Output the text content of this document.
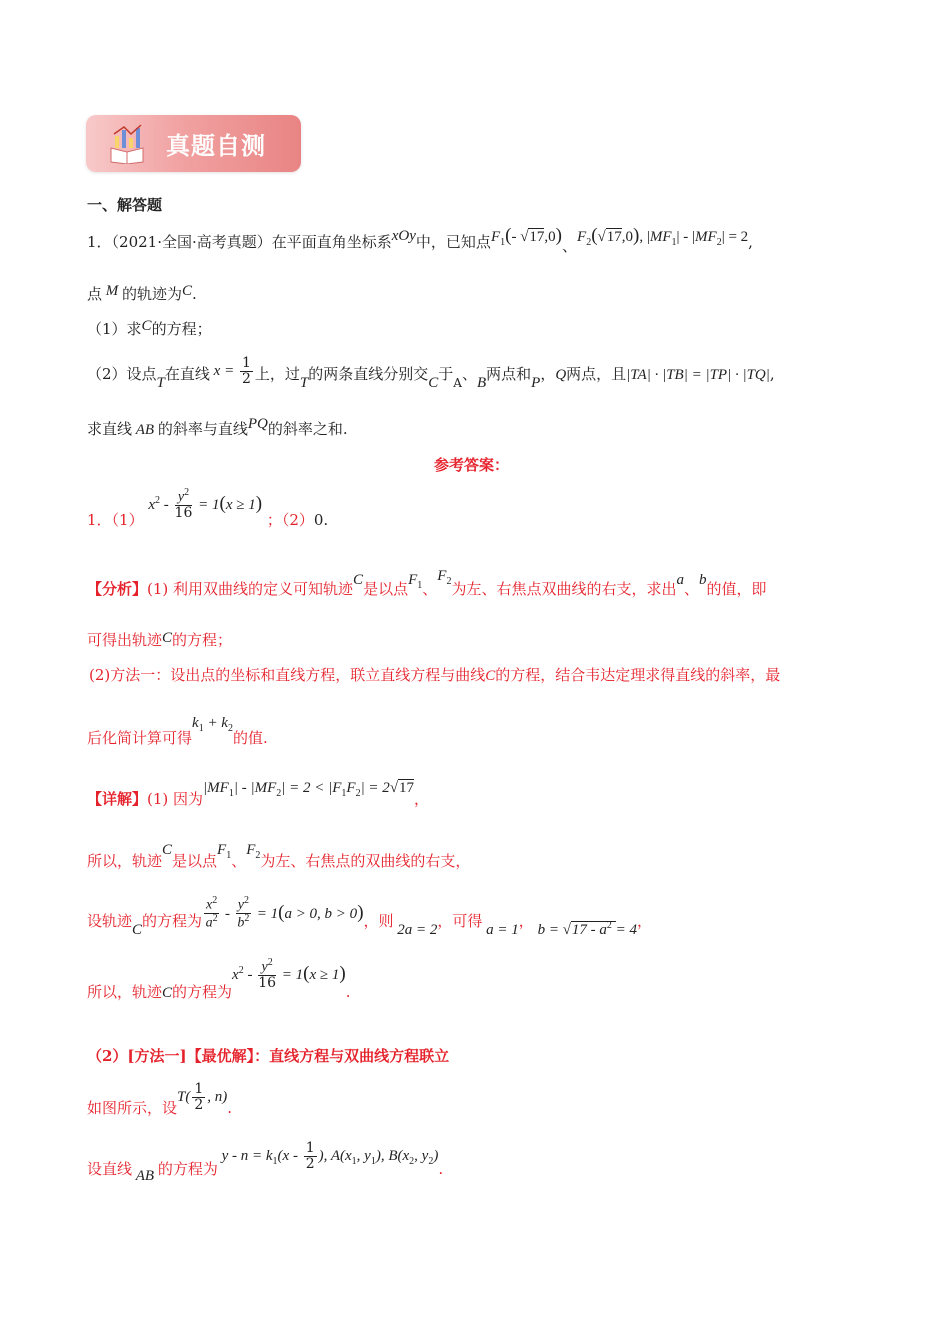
真题自测
一、解答题
1．（2021·全国·高考真题）在平面直角坐标系xOy中，已知点$F_1(-$ √17,0)、$F_2(√17,0)$, $|MF_1| - |MF_2| = 2$,
点 M 的轨迹为C.
（1）求C的方程；
（2）设点T在直线 $x = \frac{1}{2}$ 上，过T的两条直线分别交C于$_A$、B两点和P，Q两点，且|TA| · |TB| = |TP| · |TQ|,
求直线 AB 的斜率与直线PQ的斜率之和.
参考答案：
1．（1） $x^2 - \frac{y^2}{16} = 1(x \ge 1)$ ；（2）0.
【分析】(1) 利用双曲线的定义可知轨迹C是以点$F_1$、$F_2$为左、右焦点双曲线的右支，求出a、b的值，即
可得出轨迹C的方程；
(2)方法一：设出点的坐标和直线方程，联立直线方程与曲线C的方程，结合韦达定理求得直线的斜率，最
后化简计算可得$k_1 + k_2$的值.
【详解】(1) 因为$|MF_1| - |MF_2| = 2 < |F_1F_2| = 2√17$，
所以，轨迹C是以点$F_1$、$F_2$为左、右焦点的双曲线的右支，
设轨迹C的方程为 $\frac{x^2}{a^2} - \frac{y^2}{b^2} = 1(a > 0$, b > 0)，则 2a = 2，可得 a = 1， $b = √17 - a^2 = 4$，
所以，轨迹C的方程为$x^2 - \frac{y^2}{16} = 1(x \ge 1)$.
（2）[方法一]【最优解】：直线方程与双曲线方程联立
如图所示，设$T( \frac{1}{2}$ , n).
设直线 AB 的方程为 $y - n = k_1(x - \frac{1}{2}$ ), $A(x_1$, $y_1$), $B(x_2$, $y_2$).
